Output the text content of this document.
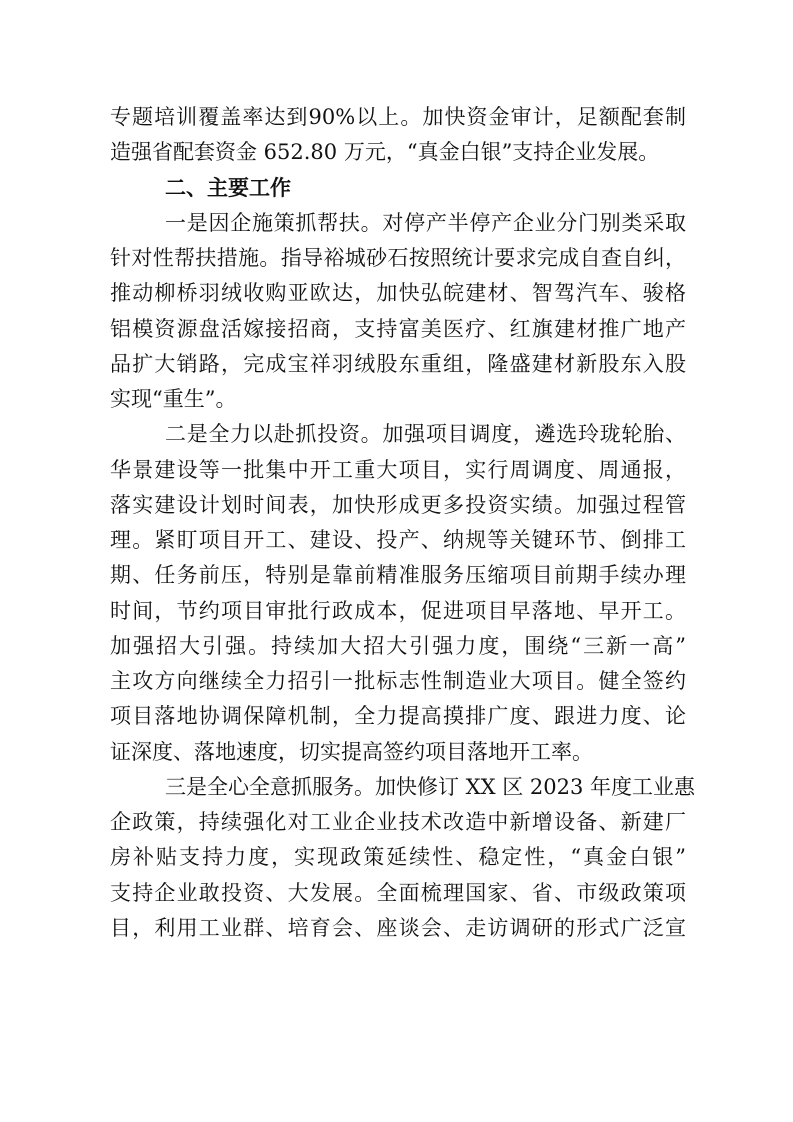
专题培训覆盖率达到90%以上。加快资金审计，足额配套制
造强省配套资金 652.80 万元，“真金白银”支持企业发展。
二、主要工作
一是因企施策抓帮扶。对停产半停产企业分门别类采取
针对性帮扶措施。指导裕城砂石按照统计要求完成自查自纠，
推动柳桥羽绒收购亚欧达，加快弘皖建材、智驾汽车、骏格
铝模资源盘活嫁接招商，支持富美医疗、红旗建材推广地产
品扩大销路，完成宝祥羽绒股东重组，隆盛建材新股东入股
实现“重生”。
二是全力以赴抓投资。加强项目调度，遴选玲珑轮胎、
华景建设等一批集中开工重大项目，实行周调度、周通报，
落实建设计划时间表，加快形成更多投资实绩。加强过程管
理。紧盯项目开工、建设、投产、纳规等关键环节、倒排工
期、任务前压，特别是靠前精准服务压缩项目前期手续办理
时间，节约项目审批行政成本，促进项目早落地、早开工。
加强招大引强。持续加大招大引强力度，围绕“三新一高”
主攻方向继续全力招引一批标志性制造业大项目。健全签约
项目落地协调保障机制，全力提高摸排广度、跟进力度、论
证深度、落地速度，切实提高签约项目落地开工率。
三是全心全意抓服务。加快修订 XX 区 2023 年度工业惠
企政策，持续强化对工业企业技术改造中新增设备、新建厂
房补贴支持力度，实现政策延续性、稳定性，“真金白银”
支持企业敢投资、大发展。全面梳理国家、省、市级政策项
目，利用工业群、培育会、座谈会、走访调研的形式广泛宣
